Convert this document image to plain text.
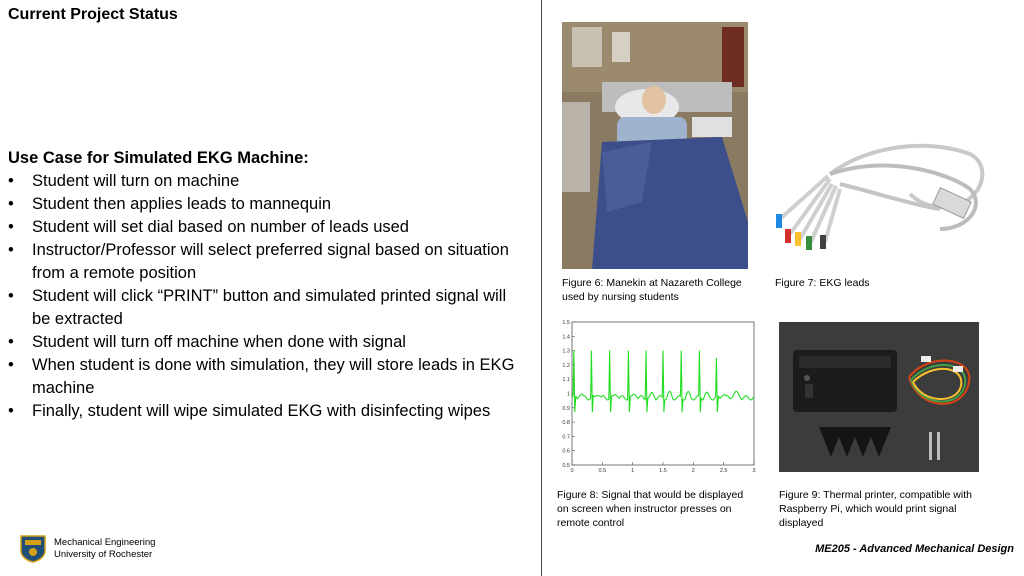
Current Project Status
Use Case for Simulated EKG Machine:
• Student will turn on machine
• Student then applies leads to mannequin
• Student will set dial based on number of leads used
• Instructor/Professor will select preferred signal based on situation from a remote position
• Student will click “PRINT” button and simulated printed signal will be extracted
• Student will turn off machine when done with signal
• When student is done with simulation, they will store leads in EKG machine
• Finally, student will wipe simulated EKG with disinfecting wipes
Figure 6: Manekin at Nazareth College used by nursing students
Figure 7: EKG leads
0	0.5	1	1.5	2	2.5	3
0.5
0.6
0.7
0.8
0.9
1
1.1
1.2
1.3
1.4
1.5
Figure 8: Signal that would be displayed on screen when instructor presses on remote control
Figure 9: Thermal printer, compatible with Raspberry Pi, which would print signal displayed
Mechanical Engineering
University of Rochester	ME205 - Advanced Mechanical Design
